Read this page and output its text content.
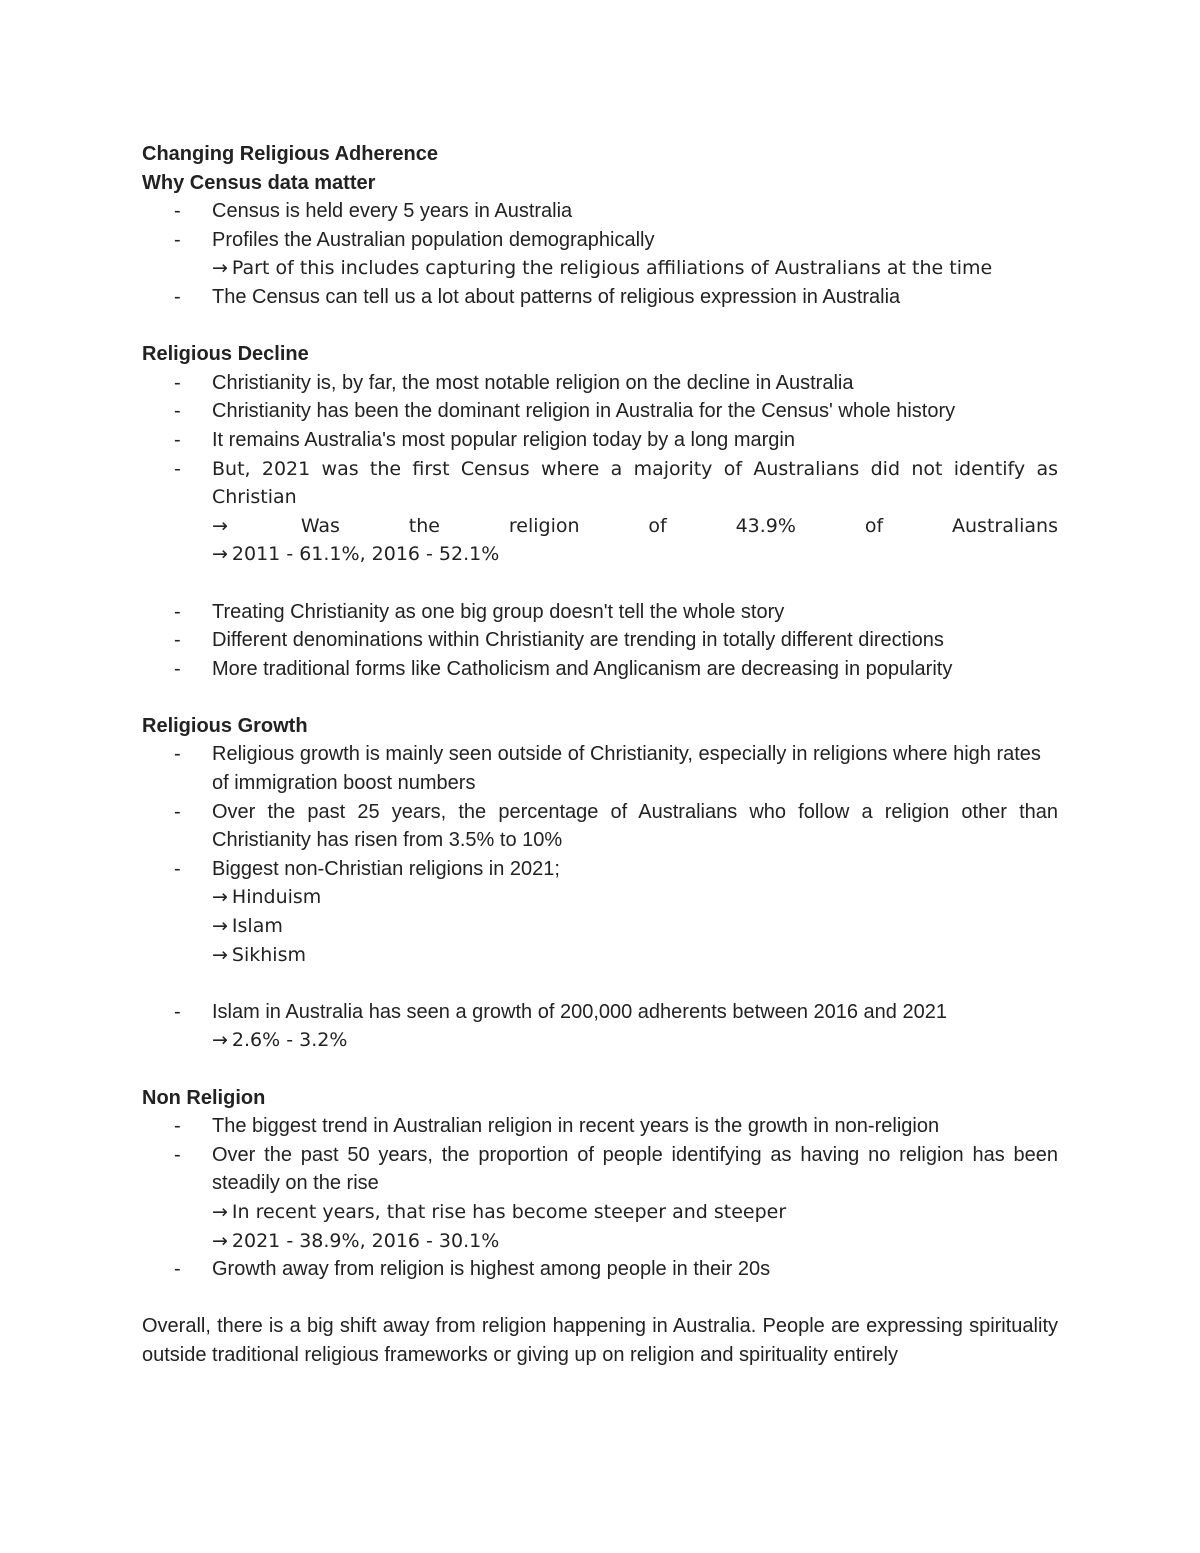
Changing Religious Adherence
Why Census data matter
- Census is held every 5 years in Australia
- Profiles the Australian population demographically
→ Part of this includes capturing the religious affiliations of Australians at the time
- The Census can tell us a lot about patterns of religious expression in Australia
Religious Decline
- Christianity is, by far, the most notable religion on the decline in Australia
- Christianity has been the dominant religion in Australia for the Census' whole history
- It remains Australia's most popular religion today by a long margin
- But, 2021 was the first Census where a majority of Australians did not identify as Christian
→	Was the religion of 43.9% of Australians
→ 2011 - 61.1%, 2016 - 52.1%
- Treating Christianity as one big group doesn't tell the whole story
- Different denominations within Christianity are trending in totally different directions
- More traditional forms like Catholicism and Anglicanism are decreasing in popularity
Religious Growth
- Religious growth is mainly seen outside of Christianity, especially in religions where high rates of immigration boost numbers
- Over the past 25 years, the percentage of Australians who follow a religion other than Christianity has risen from 3.5% to 10%
- Biggest non-Christian religions in 2021;
→ Hinduism
→ Islam
→ Sikhism
- Islam in Australia has seen a growth of 200,000 adherents between 2016 and 2021
→ 2.6% - 3.2%
Non Religion
- The biggest trend in Australian religion in recent years is the growth in non-religion
- Over the past 50 years, the proportion of people identifying as having no religion has been steadily on the rise
→ In recent years, that rise has become steeper and steeper
→ 2021 - 38.9%, 2016 - 30.1%
- Growth away from religion is highest among people in their 20s
Overall, there is a big shift away from religion happening in Australia. People are expressing spirituality outside traditional religious frameworks or giving up on religion and spirituality entirely
